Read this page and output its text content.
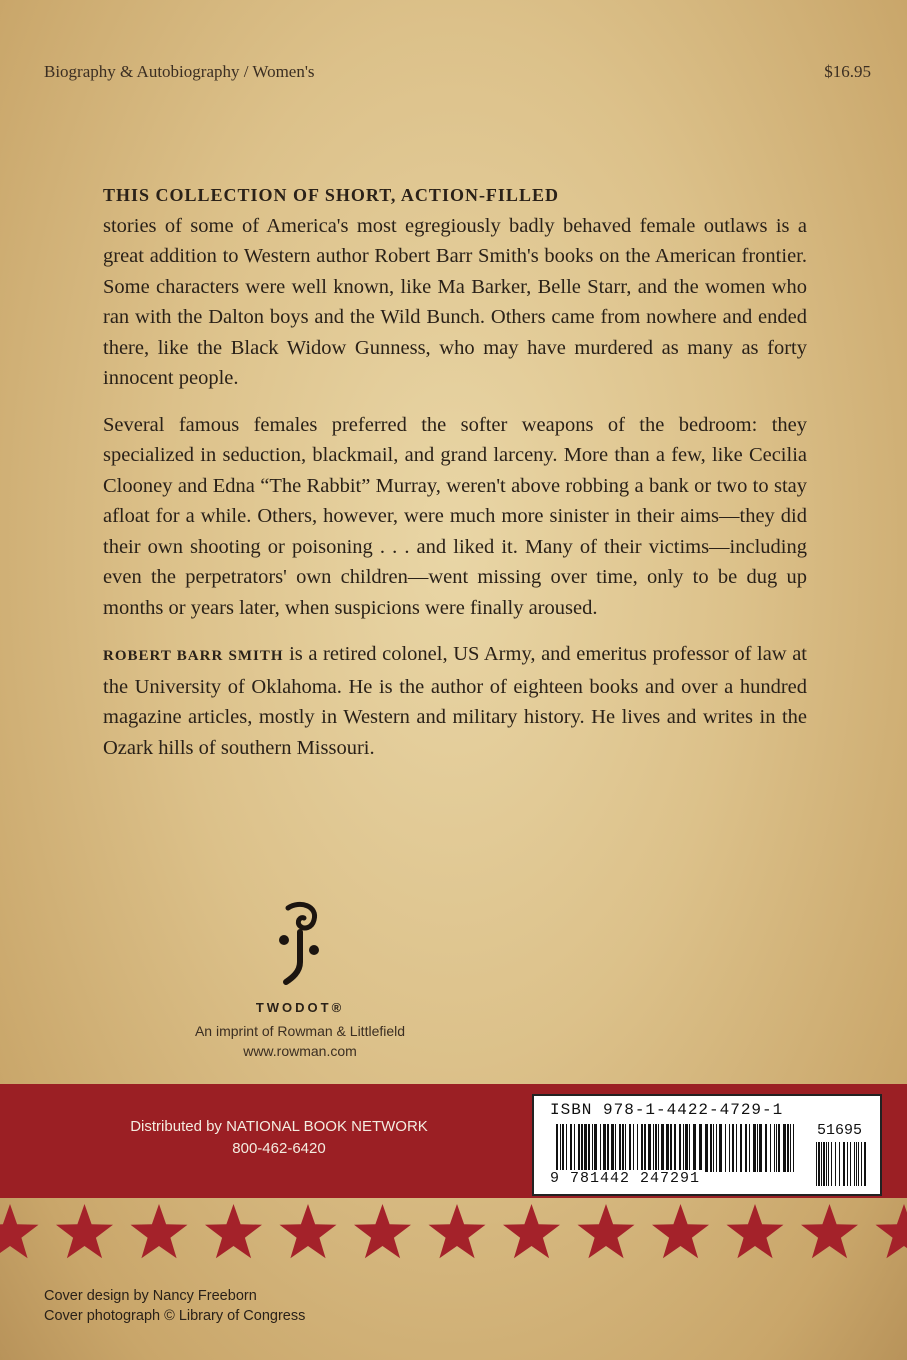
Biography & Autobiography / Women's	$16.95

THIS COLLECTION OF SHORT, ACTION-FILLED
stories of some of America's most egregiously badly behaved female outlaws is a great addition to Western author Robert Barr Smith's books on the American frontier. Some characters were well known, like Ma Barker, Belle Starr, and the women who ran with the Dalton boys and the Wild Bunch. Others came from nowhere and ended there, like the Black Widow Gunness, who may have murdered as many as forty innocent people.

Several famous females preferred the softer weapons of the bedroom: they specialized in seduction, blackmail, and grand larceny. More than a few, like Cecilia Clooney and Edna “The Rabbit” Murray, weren't above robbing a bank or two to stay afloat for a while. Others, however, were much more sinister in their aims—they did their own shooting or poisoning . . . and liked it. Many of their victims—including even the perpetrators' own children—went missing over time, only to be dug up months or years later, when suspicions were finally aroused.

ROBERT BARR SMITH is a retired colonel, US Army, and emeritus professor of law at the University of Oklahoma. He is the author of eighteen books and over a hundred magazine articles, mostly in Western and military history. He lives and writes in the Ozark hills of southern Missouri.

TWODOT®
An imprint of Rowman & Littlefield
www.rowman.com
Distributed by NATIONAL BOOK NETWORK
800-462-6420
ISBN 978-1-4422-4729-1
51695
9 781442 247291
Cover design by Nancy Freeborn
Cover photograph © Library of Congress
